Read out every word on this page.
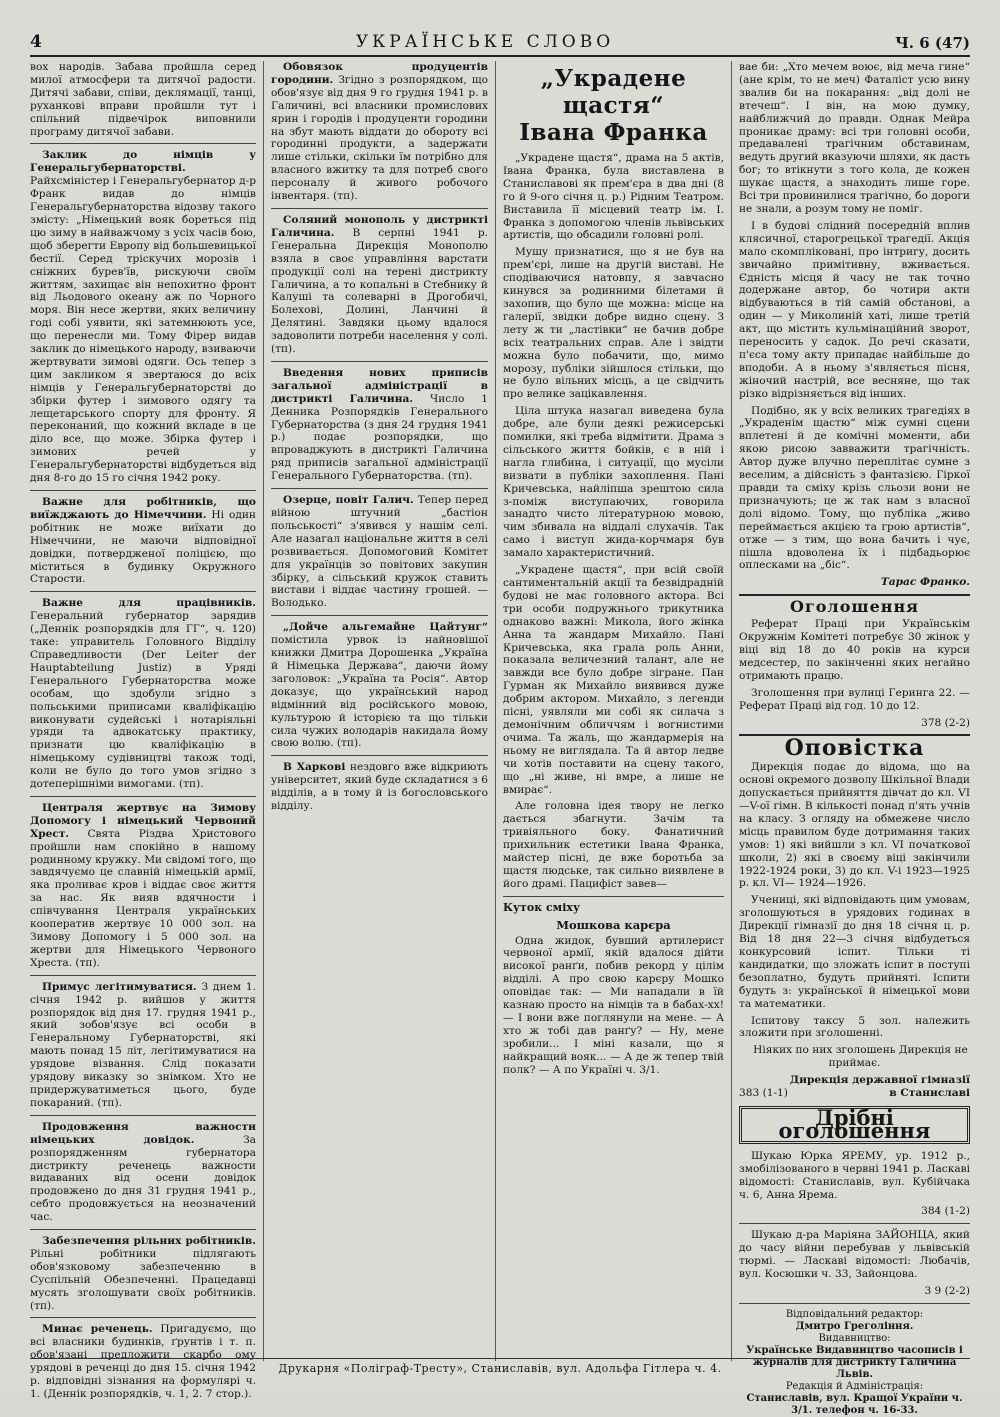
4	УКРАЇНСЬКЕ СЛОВО	Ч. 6 (47)

вох народів. Забава пройшла серед милої атмосфери та дитячої радости. Дитячі забави, співи, деклямації, танці, руханкові вправи пройшли тут і спільний підвечірок виповнили програму дитячої забави.

Заклик до німців у Генеральгубернаторстві. Райхсміністер і Генеральгубернатор д-р Франк видав до німців Генеральгубернаторства відозву такого змісту: „Німецький вояк бореться під цю зиму в найважчому з усіх часів бою, щоб зберегти Европу від большевицької бестії. Серед тріскучих морозів і сніжних бурев'їв, рискуючи своїм життям, захищає він непохитно фронт від Льодового океану аж по Чорного моря. Він несе жертви, яких величину годі собі уявити, які затемнюють усе, що перенесли ми. Тому Фірер видав заклик до німецького народу, взиваючи жертвувати зимові одяги. Ось тепер з цим закликом я звертаюся до всіх німців у Генеральгубернаторстві до збірки футер і зимового одягу та лещетарського спорту для фронту. Я переконаний, що кожний вкладе в це діло все, що може. Збірка футер і зимових речей у Генеральгубернаторстві відбудеться від дня 8-го до 15 го січня 1942 року.

Важне для робітників, що виїжджають до Німеччини. Ні один робітник не може виїхати до Німеччини, не маючи відповідної довідки, потвердженої поліцією, що міститься в будинку Окружного Старости.

Важне для працівників. Генеральний губернатор зарядив („Деннік розпорядків для ГГ“, ч. 120) таке: управитель Головного Відділу Справедливости (Der Leiter der Hauptabteilung Justiz) в Уряді Генерального Губернаторства може особам, що здобули згідно з польськими приписами кваліфікацію виконувати судейські і нотаріяльні уряди та адвокатську практику, признати цю кваліфікацію в німецькому судівництві також тоді, коли не було до того умов згідно з дотеперішніми вимогами. (тп).

Централя жертвує на Зимову Допомогу і німецький Червоний Хрест. Свята Різдва Христового пройшли нам спокійно в нашому родинному кружку. Ми свідомі того, що завдячуємо це славній німецькій армії, яка проливає кров і віддає своє життя за нас. Як вияв вдячности і співчування Централя українських кооператив жертвує 10 000 зол. на Зимову Допомогу і 5 000 зол. на жертви для Німецького Червоного Хреста. (тп).

Примус легітимуватися. З днем 1. січня 1942 р. вийшов у життя розпорядок від дня 17. грудня 1941 р., який зобов'язує всі особи в Генеральному Губернаторстві, які мають понад 15 літ, легітимуватися на урядове візвання. Слід показати урядову виказку зо знімком. Хто не придержуватиметься цього, буде покараний. (тп).

Продовження важности німецьких довідок.	За розпорядженням губернатора дистрикту реченець важности видаваних від осени довідок продовжено до дня 31 грудня 1941 р., себто продовжується на неозначений час.

Забезпечення рільних робітників. Рільні робітники підлягають обов'язковому забезпеченню в Суспільній Обезпеченні. Працедавці мусять зголошувати своїх робітників. (тп).

Минає реченець. Пригадуємо, що всі власники будинків, ґрунтів і т. п. обов'язані предложити скарбо ому урядові в реченці до дня 15. січня 1942 р. відповідні зізнання на формулярі ч. 1. (Деннік розпорядків, ч. 1, 2. 7 стор.).

Обовязок продуцентів городини. Згідно з розпорядком, що обов'язує від дня 9 го грудня 1941 р. в Галичині, всі власники промислових ярин і городів і продуценти городини на збут мають віддати до обороту всі городинні продукти, а задержати лише стільки, скільки їм потрібно для власного вжитку та для потреб свого персоналу й живого робочого інвентаря. (тп).

Соляний монополь у дистрикті Галичина. В серпні 1941 р. Генеральна Дирекція Монополю взяла в своє управління варстати продукції солі на терені дистрикту Галичина, а то копальні в Стебнику й Калуші та солеварні в Дрогобичі, Болехові, Долині, Ланчині й Делятині. Завдяки цьому вдалося задоволити потреби населення у солі. (тп).

Введення нових приписів загальної адміністрації в дистрикті Галичина. Число 1 Денника Розпорядків Генерального Губернаторства (з дня 24 грудня 1941 р.) подає розпорядки, що впроваджують в дистрикті Галичина ряд приписів загальної адміністрації Генерального Губернаторства. (тп).

Озерце, повіт Галич. Тепер перед війною штучний „бастіон польськості“ з'явився у нашім селі. Але назагал національне життя в селі розвивається. Допомоговий Комітет для українців зо повітових закупин збірку, а сільський кружок ставить вистави і віддає частину грошей. — Володько.

„Дойче альгемайне Цайтунг“ помістила урвок із найновішої книжки Дмитра Дорошенка „Україна й Німецька Держава“, даючи йому заголовок: „Україна та Росія“. Автор доказує, що український народ відмінний від російського мовою, культурою й історією та що тільки сила чужих володарів накидала йому свою волю. (тп).

В Харкові нездовго вже відкриють університет, який буде складатися з 6 відділів, а в тому й із богословського відділу.

„Украдене щастя“
Івана Франка

„Украдене щастя“, драма на 5 актів, Івана Франка, була виставлена в Станиславові як прем'єра в два дні (8 го й 9-ого січня ц. р.) Рідним Театром. Виставила її місцевий театр ім. І. Франка з допомогою членів львівських артистів, що обсадили головні ролі.

Мушу признатися, що я не був на прем'єрі, лише на другій виставі. Не сподіваючися натовпу, я завчасно кинувся за родинними білетами й захопив, що було ще можна: місце на галерії, звідки добре видно сцену. З лету ж ти „ластівки“ не бачив добре всіх театральних справ. Але і звідти можна було побачити, що, мимо морозу, публіки зійшлося стільки, що не було вільних місць, а це свідчить про велике зацікавлення.

Ціла штука назагал виведена була добре, але були деякі режисерські помилки, які треба відмітити. Драма з сільського життя бойків, є в ній і нагла глибина, і ситуації, що мусіли визвати в публіки захоплення. Пані Кричевська, найліпша зрештою сила з-поміж виступаючих, говорила занадто чисто літературною мовою, чим збивала на віддалі слухачів. Так само і виступ жида-корчмаря був замало характеристичний.

„Украдене щастя“, при всій своїй сантиментальній акції та безвідрадній будові не має головного актора. Всі три особи подружнього трикутника однаково важні: Микола, його жінка Анна та жандарм Михайло. Пані Кричевська, яка грала роль Анни, показала величезний талант, але не завжди все було добре зігране. Пан Гурман як Михайло виявився дуже добрим актором. Михайло, з легенди пісні, уявляли ми собі як силача з демонічним обличчям і вогнистими очима. Та жаль, що жандармерія на ньому не виглядала. Та й автор ледве чи хотів поставити на сцену такого, що „ні живе, ні вмре, а лише не вмирає“.

Але головна ідея твору не легко дається збагнути. Зачім та тривіяльного боку. Фанатичний прихильник естетики Івана Франка, майстер пісні, де вже боротьба за щастя людське, так сильно виявлене в його драмі. Пацифіст завев—

Куток сміху
Мошкова карєра

Одна жидок, бувший артилерист червоної армії, якій вдалося дійти високої ранґи, побив рекорд у цілім відділі. А про свою карєру Мошко оповідає так: — Ми нападали в їй казнаю просто на німців та в бабах-хх! — І вони вже поглянули на мене. — А хто ж тобі дав ранґу? — Ну, мене зробили... І міні казали, що я найкращий вояк... — А де ж тепер твій полк? — А по Україні ч. 3/1.

вае би: „Хто мечем воює, від меча гине“ (ане крім, то не меч) Фаталіст усю вину звалив би на покарання: „від долі не втечеш“. І він, на мою думку, найближчий до правди. Однак Мейра проникає драму: всі три головні особи, предавалені трагічним обставинам, ведуть другий вказуючи шляхи, як дасть бог; то втікнути з того кола, де кожен шукає щастя, а знаходить лише горе. Всі три провинилися трагічно, бо дороги не знали, а розум тому не поміг.

І в будові слідний посередній вплив клясичної, старогрецької трагедії. Акція мало скомпліковані, про інтригу, досить звичайно примітивну, вживається. Єдність місця й часу не так точно додержане автор, бо чотири акти відбуваються в тій самій обстанові, а один — у Миколиній хаті, лише третій акт, що містить кульмінаційний зворот, переносить у садок. До речі сказати, п'єса тому акту припадає найбільше до вподоби. А в ньому з'являється пісня, жіночий настрій, все весняне, що так різко відрізняється від інших.

Подібно, як у всіх великих трагедіях в „Украденім щастю“ між сумні сцени вплетені й де комічні моменти, аби якою рисою завважити трагічність. Автор дуже влучно переплітає сумне з веселим, а дійсність з фантазією. Гіркої правди та сміху крізь сльози вони не призначують; це ж так нам з власної долі відомо. Тому, що публіка „живо переймається акцією та грою артистів“, отже — з тим, що вона бачить і чує, пішла вдоволена їх і підбадьорює оплесками на „біс“.

Тарас Франко.
Оголошення

Реферат Праці при Українськім Окружнім Комітеті потребує 30 жінок у віці від 18 до 40 років на курси медсестер, по закінченні яких негайно отримають працю.

Зголошення при вулиці Геринга 22. — Реферат Праці від год. 10 до 12.

378 (2-2)
Оповістка

Дирекція подає до відома, що на основі окремого дозволу Шкільної Влади допускається прийняття дівчат до кл. VI—V-ої гімн. В кількості понад п'ять учнів на класу. З огляду на обмежене число місць правилом буде дотримання таких умов: 1) які вийшли з кл. VI початкової школи, 2) які в своєму віці закінчили 1922-1924 роки, 3) до кл. V-і 1923—1925 р. кл. VI— 1924—1926.

Учениці, які відповідають цим умовам, зголошуються в урядових годинах в Дирекції гімназії до дня 18 січня ц. р. Від 18 дня 22—3 січня відбудеться конкурсовий іспит. Тільки ті кандидатки, що зложать іспит в поступі безоплатно, будуть прийняті. Іспити будуть з: української й німецької мови та математики.

Іспитову таксу 5 зол. належить зложити при зголошенні.

Ніяких по них зголошень Дирекція не приймає.

Дирекція державної гімназії
383 (1-1)	в Станиславі
Дрібні оголошення

Шукаю Юрка ЯРЕМУ, ур. 1912 р., змобілізованого в червні 1941 р. Ласкаві відомості: Станиславів, вул. Кубійчака ч. 6, Анна Ярема.

384 (1-2)

Шукаю д-ра Маріяна ЗАЙОНЦА, який до часу війни перебував у львівській тюрмі. — Ласкаві відомості: Любачів, вул. Косюшки ч. 33, Зайонцова.

3 9 (2-2)
Відповідальний редактор:
Дмитро Грегоління.
Видавництво:
Українське Видавництво часописів і журналів для дистрикту Галичина Львів.
Редакція й Адміністрація:
Станиславів, вул. Кращої України ч. 3/1. телефон ч. 16-33.
Друкарня «Поліграф-Тресту», Станиславів, вул. Адольфа Гітлера ч. 4.
